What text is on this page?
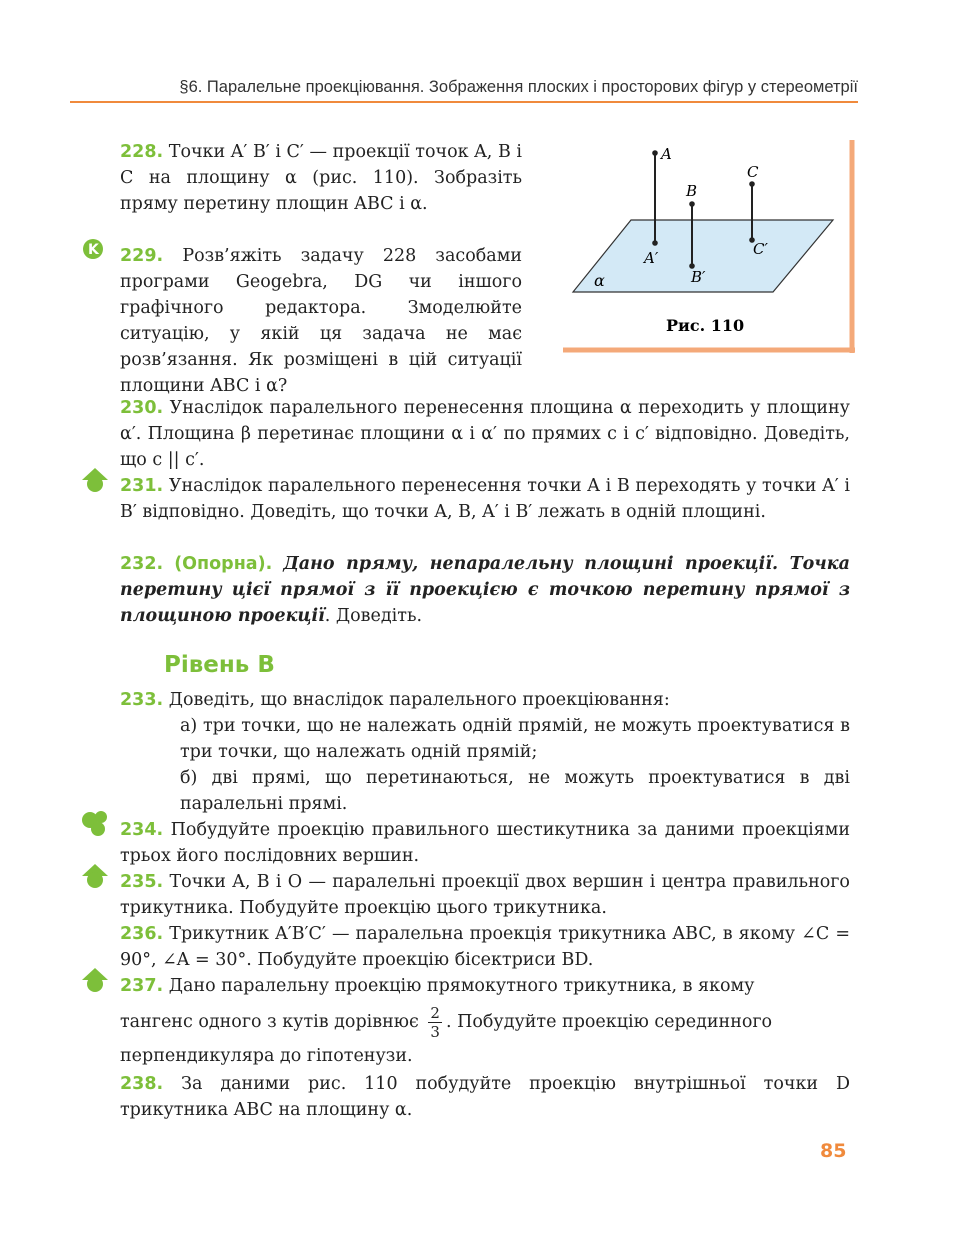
§6. Паралельне проекціювання. Зображення плоских і просторових фігур у стереометрії

228. Точки A′ B′ і C′ — проекції точок A, B і C на площину α (рис. 110). Зобразіть пряму перетину площин ABC і α.

K 229. Розв’яжіть задачу 228 засобами програми Geogebra, DG чи іншого графічного редактора. Змоделюйте ситуацію, у якій ця задача не має розв’язання. Як розміщені в цій ситуації площини ABC і α?

A
B
C
A′
B′
C′
α
Рис. 110

230. Унаслідок паралельного перенесення площина α переходить у площину α′. Площина β перетинає площини α і α′ по прямих c і c′ відповідно. Доведіть, що c || c′.

231. Унаслідок паралельного перенесення точки A і B переходять у точки A′ і B′ відповідно. Доведіть, що точки A, B, A′ і B′ лежать в одній площині.

232. (Опорна). Дано пряму, непаралельну площині проекції. Точка перетину цієї прямої з її проекцією є точкою перетину прямої з площиною проекції. Доведіть.

Рівень B

233. Доведіть, що внаслідок паралельного проекціювання:

а) три точки, що не належать одній прямій, не можуть проектуватися в три точки, що належать одній прямій;
б) дві прямі, що перетинаються, не можуть проектуватися в дві паралельні прямі.

234. Побудуйте проекцію правильного шестикутника за даними проекціями трьох його послідовних вершин.

235. Точки A, B і O — паралельні проекції двох вершин і центра правильного трикутника. Побудуйте проекцію цього трикутника.

236. Трикутник A′B′C′ — паралельна проекція трикутника ABC, в якому ∠C = 90°, ∠A = 30°. Побудуйте проекцію бісектриси BD.

237. Дано паралельну проекцію прямокутного трикутника, в якому

тангенс одного з кутів дорівнює $\frac{2}{3}$ . Побудуйте проекцію серединного
перпендикуляра до гіпотенузи.

238. За даними рис. 110 побудуйте проекцію внутрішньої точки D трикутника ABC на площину α.

85
